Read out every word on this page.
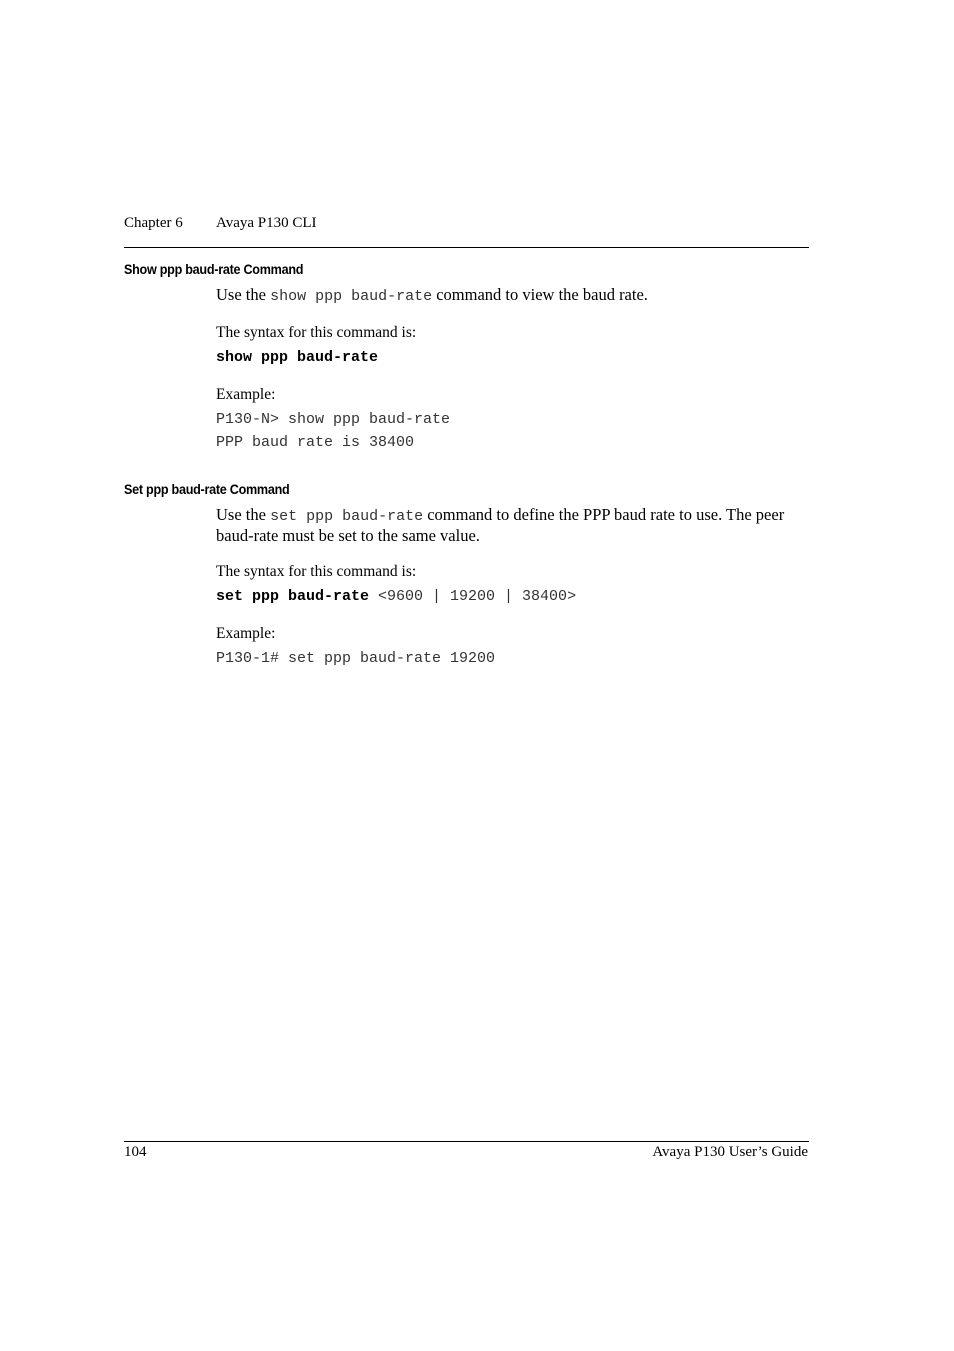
Chapter 6 Avaya P130 CLI
Show ppp baud-rate Command
Use the show ppp baud-rate command to view the baud rate.
The syntax for this command is:
show ppp baud-rate
Example:
P130-N> show ppp baud-rate
PPP baud rate is 38400
Set ppp baud-rate Command
Use the set ppp baud-rate command to define the PPP baud rate to use. The peer baud-rate must be set to the same value.
The syntax for this command is:
set ppp baud-rate <9600 | 19200 | 38400>
Example:
P130-1# set ppp baud-rate 19200
104	Avaya P130 User’s Guide
